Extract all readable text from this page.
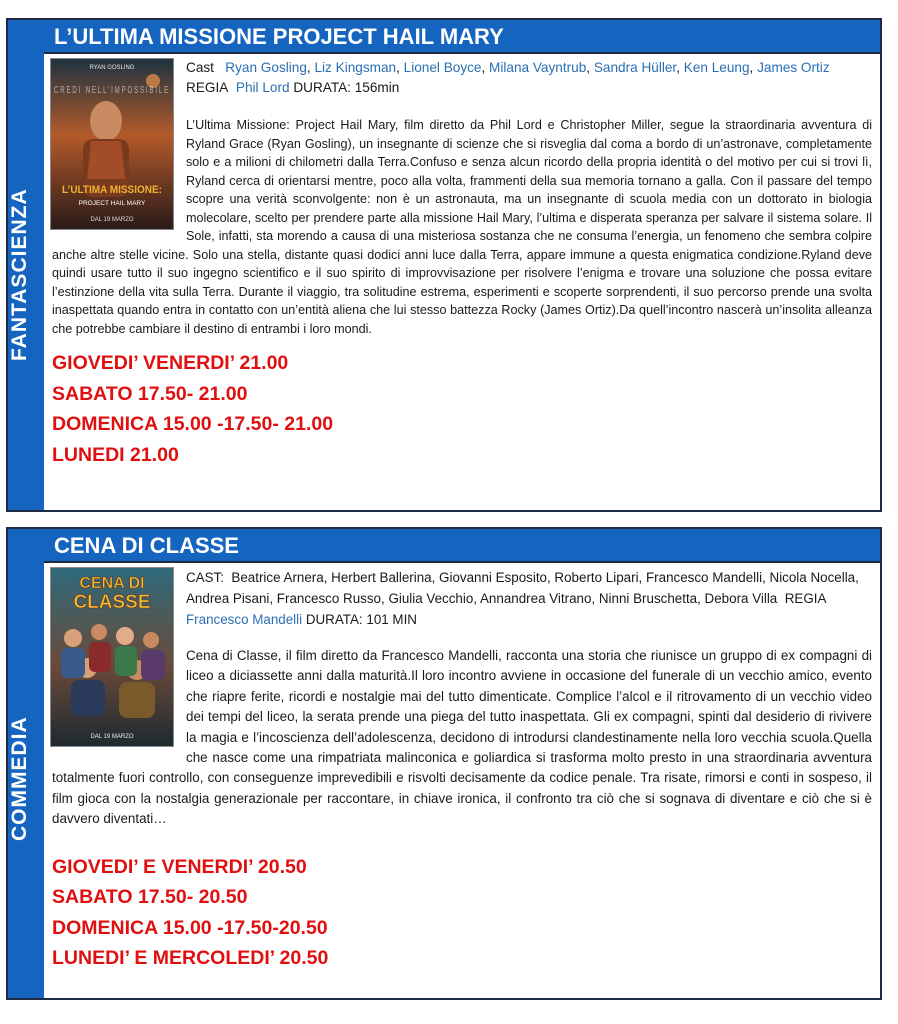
FANTASCIENZA
L’ULTIMA MISSIONE PROJECT HAIL MARY
RYAN GOSLING
CREDI NELL’IMPOSSIBILE
L’ULTIMA MISSIONE:
PROJECT HAIL MARY
DAL 19 MARZO

Cast Ryan Gosling, Liz Kingsman, Lionel Boyce, Milana Vayntrub, Sandra Hüller, Ken Leung, James Ortiz REGIA Phil Lord DURATA: 156min

L’Ultima Missione: Project Hail Mary, film diretto da Phil Lord e Christopher Miller, segue la straordinaria avventura di Ryland Grace (Ryan Gosling), un insegnante di scienze che si risveglia dal coma a bordo di un’astronave, completamente solo e a milioni di chilometri dalla Terra.Confuso e senza alcun ricordo della propria identità o del motivo per cui si trovi lì, Ryland cerca di orientarsi mentre, poco alla volta, frammenti della sua memoria tornano a galla. Con il passare del tempo scopre una verità sconvolgente: non è un astronauta, ma un insegnante di scuola media con un dottorato in biologia molecolare, scelto per prendere parte alla missione Hail Mary, l’ultima e disperata speranza per salvare il sistema solare. Il Sole, infatti, sta morendo a causa di una misteriosa sostanza che ne consuma l’energia, un fenomeno che sembra colpire anche altre stelle vicine. Solo una stella, distante quasi dodici anni luce dalla Terra, appare immune a questa enigmatica condizione.Ryland deve quindi usare tutto il suo ingegno scientifico e il suo spirito di improvvisazione per risolvere l’enigma e trovare una soluzione che possa evitare l’estinzione della vita sulla Terra. Durante il viaggio, tra solitudine estrema, esperimenti e scoperte sorprendenti, il suo percorso prende una svolta inaspettata quando entra in contatto con un’entità aliena che lui stesso battezza Rocky (James Ortiz).Da quell’incontro nascerà un’insolita alleanza che potrebbe cambiare il destino di entrambi i loro mondi.

GIOVEDI’ VENERDI’ 21.00
SABATO 17.50- 21.00
DOMENICA 15.00 -17.50- 21.00
LUNEDI 21.00
COMMEDIA
CENA DI CLASSE
CENA DI
CLASSE
DAL 19 MARZO

CAST: Beatrice Arnera, Herbert Ballerina, Giovanni Esposito, Roberto Lipari, Francesco Mandelli, Nicola Nocella, Andrea Pisani, Francesco Russo, Giulia Vecchio, Annandrea Vitrano, Ninni Bruschetta, Debora Villa REGIA Francesco Mandelli DURATA: 101 MIN

Cena di Classe, il film diretto da Francesco Mandelli, racconta una storia che riunisce un gruppo di ex compagni di liceo a diciassette anni dalla maturità.Il loro incontro avviene in occasione del funerale di un vecchio amico, evento che riapre ferite, ricordi e nostalgie mai del tutto dimenticate. Complice l’alcol e il ritrovamento di un vecchio video dei tempi del liceo, la serata prende una piega del tutto inaspettata. Gli ex compagni, spinti dal desiderio di rivivere la magia e l’incoscienza dell’adolescenza, decidono di introdursi clandestinamente nella loro vecchia scuola.Quella che nasce come una rimpatriata malinconica e goliardica si trasforma molto presto in una straordinaria avventura totalmente fuori controllo, con conseguenze imprevedibili e risvolti decisamente da codice penale. Tra risate, rimorsi e conti in sospeso, il film gioca con la nostalgia generazionale per raccontare, in chiave ironica, il confronto tra ciò che si sognava di diventare e ciò che si è davvero diventati…

GIOVEDI’ E VENERDI’ 20.50
SABATO 17.50- 20.50
DOMENICA 15.00 -17.50-20.50
LUNEDI’ E MERCOLEDI’ 20.50
